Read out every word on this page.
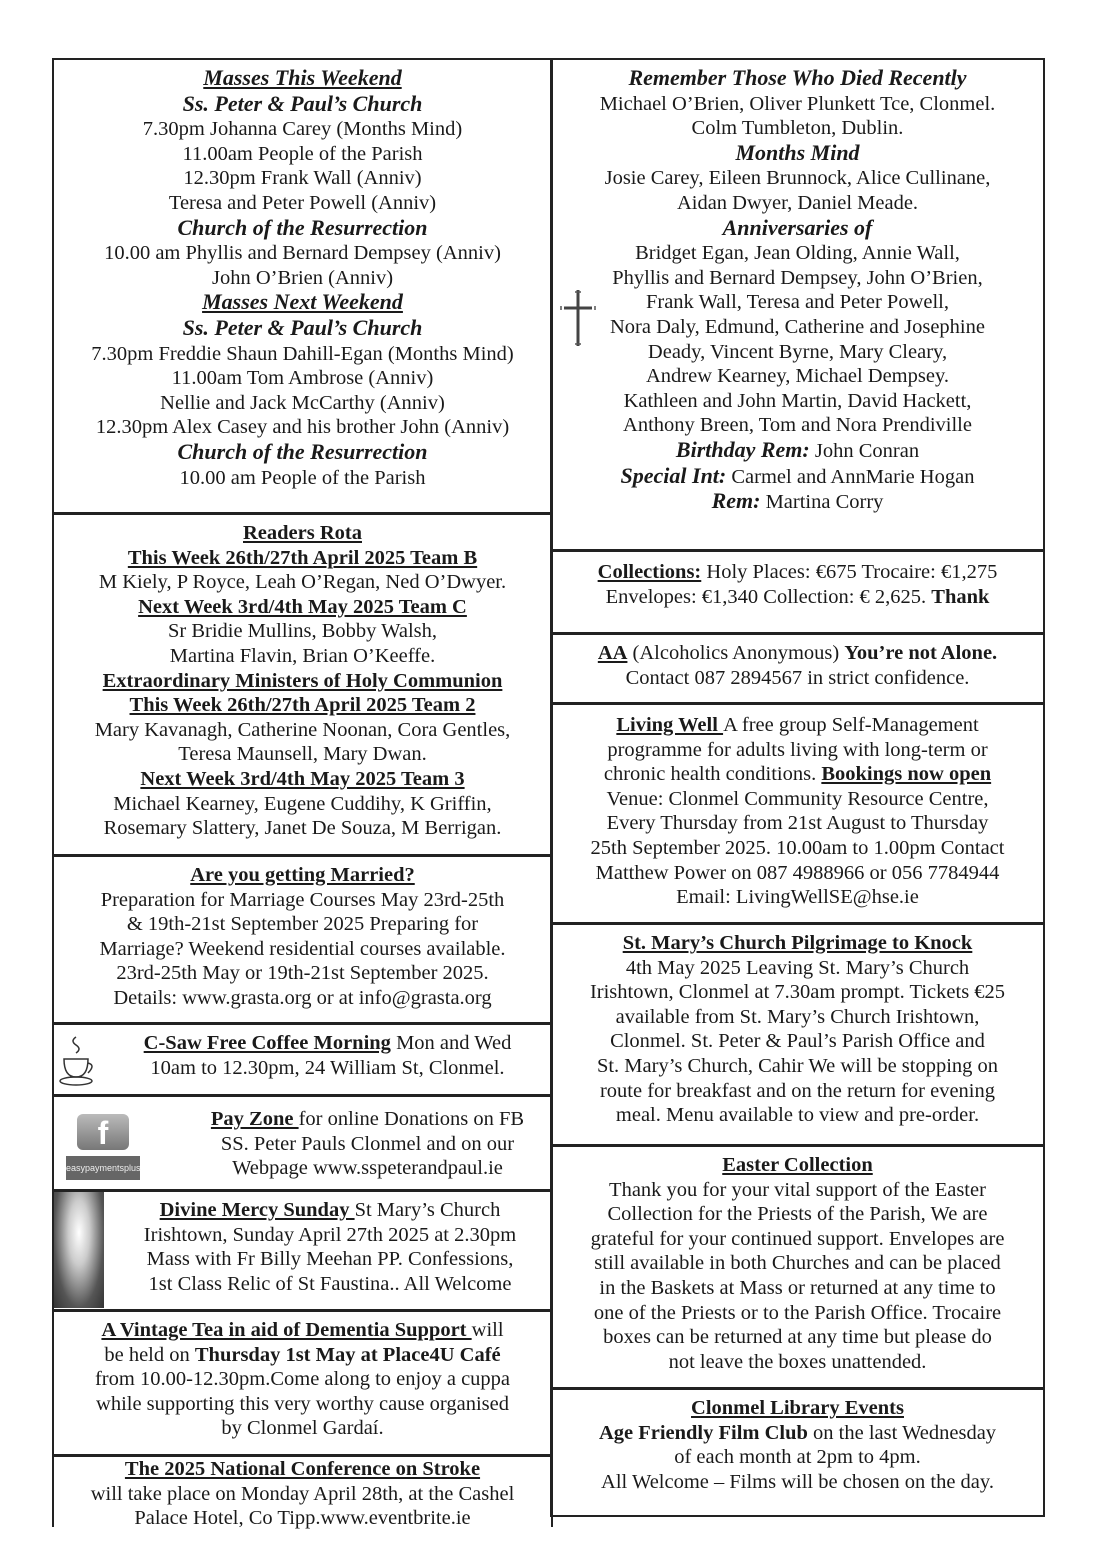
Masses This Weekend
Ss. Peter & Paul’s Church
7.30pm Johanna Carey (Months Mind)
11.00am People of the Parish
12.30pm Frank Wall (Anniv)
Teresa and Peter Powell (Anniv)
Church of the Resurrection
10.00 am Phyllis and Bernard Dempsey (Anniv)
John O’Brien (Anniv)
Masses Next Weekend
Ss. Peter & Paul’s Church
7.30pm Freddie Shaun Dahill-Egan (Months Mind)
11.00am Tom Ambrose (Anniv)
Nellie and Jack McCarthy (Anniv)
12.30pm Alex Casey and his brother John (Anniv)
Church of the Resurrection
10.00 am People of the Parish
Readers Rota
This Week 26th/27th April 2025 Team B
M Kiely, P Royce, Leah O’Regan, Ned O’Dwyer.
Next Week 3rd/4th May 2025 Team C
Sr Bridie Mullins, Bobby Walsh,
Martina Flavin, Brian O’Keeffe.
Extraordinary Ministers of Holy Communion
This Week 26th/27th April 2025 Team 2
Mary Kavanagh, Catherine Noonan, Cora Gentles,
Teresa Maunsell, Mary Dwan.
Next Week 3rd/4th May 2025 Team 3
Michael Kearney, Eugene Cuddihy, K Griffin,
Rosemary Slattery, Janet De Souza, M Berrigan.
Are you getting Married?
Preparation for Marriage Courses May 23rd-25th
& 19th-21st September 2025 Preparing for
Marriage? Weekend residential courses available.
23rd-25th May or 19th-21st September 2025.
Details: www.grasta.org or at info@grasta.org
C-Saw Free Coffee Morning Mon and Wed
10am to 12.30pm, 24 William St, Clonmel.
Pay Zone for online Donations on FB
SS. Peter Pauls Clonmel and on our
Webpage www.sspeterandpaul.ie
Divine Mercy Sunday St Mary’s Church
Irishtown, Sunday April 27th 2025 at 2.30pm
Mass with Fr Billy Meehan PP. Confessions,
1st Class Relic of St Faustina.. All Welcome
A Vintage Tea in aid of Dementia Support will
be held on Thursday 1st May at Place4U Café
from 10.00-12.30pm.Come along to enjoy a cuppa
while supporting this very worthy cause organised
by Clonmel Gardaí.
The 2025 National Conference on Stroke
will take place on Monday April 28th, at the Cashel
Palace Hotel, Co Tipp.www.eventbrite.ie
Remember Those Who Died Recently
Michael O’Brien, Oliver Plunkett Tce, Clonmel.
Colm Tumbleton, Dublin.
Months Mind
Josie Carey, Eileen Brunnock, Alice Cullinane,
Aidan Dwyer, Daniel Meade.
Anniversaries of
Bridget Egan, Jean Olding, Annie Wall,
Phyllis and Bernard Dempsey, John O’Brien,
Frank Wall, Teresa and Peter Powell,
Nora Daly, Edmund, Catherine and Josephine
Deady, Vincent Byrne, Mary Cleary,
Andrew Kearney, Michael Dempsey.
Kathleen and John Martin, David Hackett,
Anthony Breen, Tom and Nora Prendiville
Birthday Rem: John Conran
Special Int: Carmel and AnnMarie Hogan
Rem: Martina Corry
Collections: Holy Places: €675 Trocaire: €1,275
Envelopes: €1,340 Collection: € 2,625. Thank
AA (Alcoholics Anonymous) You’re not Alone.
Contact 087 2894567 in strict confidence.
Living Well A free group Self-Management
programme for adults living with long-term or
chronic health conditions. Bookings now open
Venue: Clonmel Community Resource Centre,
Every Thursday from 21st August to Thursday
25th September 2025. 10.00am to 1.00pm Contact
Matthew Power on 087 4988966 or 056 7784944
Email: LivingWellSE@hse.ie
St. Mary’s Church Pilgrimage to Knock
4th May 2025 Leaving St. Mary’s Church
Irishtown, Clonmel at 7.30am prompt. Tickets €25
available from St. Mary’s Church Irishtown,
Clonmel. St. Peter & Paul’s Parish Office and
St. Mary’s Church, Cahir We will be stopping on
route for breakfast and on the return for evening
meal. Menu available to view and pre-order.
Easter Collection
Thank you for your vital support of the Easter
Collection for the Priests of the Parish, We are
grateful for your continued support. Envelopes are
still available in both Churches and can be placed
in the Baskets at Mass or returned at any time to
one of the Priests or to the Parish Office. Trocaire
boxes can be returned at any time but please do
not leave the boxes unattended.
Clonmel Library Events
Age Friendly Film Club on the last Wednesday
of each month at 2pm to 4pm.
All Welcome – Films will be chosen on the day.
f
easypaymentsplus
